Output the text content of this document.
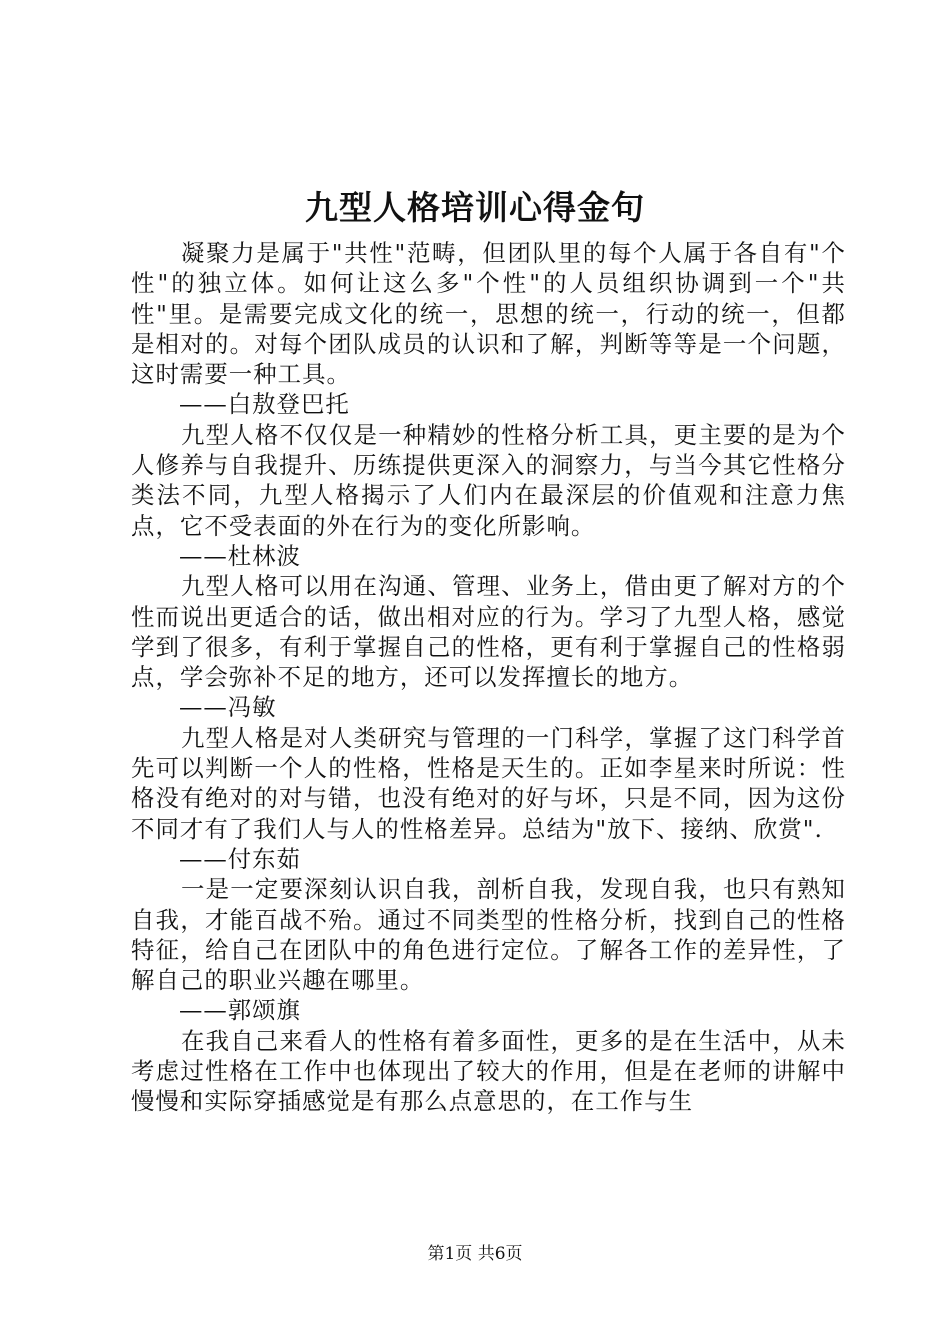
九型人格培训心得金句

凝聚力是属于"共性"范畴，但团队里的每个人属于各自有"个性"的独立体。如何让这么多"个性"的人员组织协调到一个"共性"里。是需要完成文化的统一，思想的统一，行动的统一，但都是相对的。对每个团队成员的认识和了解，判断等等是一个问题，这时需要一种工具。

——白敖登巴托

九型人格不仅仅是一种精妙的性格分析工具，更主要的是为个人修养与自我提升、历练提供更深入的洞察力，与当今其它性格分类法不同，九型人格揭示了人们内在最深层的价值观和注意力焦点，它不受表面的外在行为的变化所影响。

——杜林波

九型人格可以用在沟通、管理、业务上，借由更了解对方的个性而说出更适合的话，做出相对应的行为。学习了九型人格，感觉学到了很多，有利于掌握自己的性格，更有利于掌握自己的性格弱点，学会弥补不足的地方，还可以发挥擅长的地方。

——冯敏

九型人格是对人类研究与管理的一门科学，掌握了这门科学首先可以判断一个人的性格，性格是天生的。正如李星来时所说：性格没有绝对的对与错，也没有绝对的好与坏，只是不同，因为这份不同才有了我们人与人的性格差异。总结为"放下、接纳、欣赏".

——付东茹

一是一定要深刻认识自我，剖析自我，发现自我，也只有熟知自我，才能百战不殆。通过不同类型的性格分析，找到自己的性格特征，给自己在团队中的角色进行定位。了解各工作的差异性，了解自己的职业兴趣在哪里。

——郭颂旗

在我自己来看人的性格有着多面性，更多的是在生活中，从未考虑过性格在工作中也体现出了较大的作用，但是在老师的讲解中慢慢和实际穿插感觉是有那么点意思的，在工作与生

第1页 共6页
